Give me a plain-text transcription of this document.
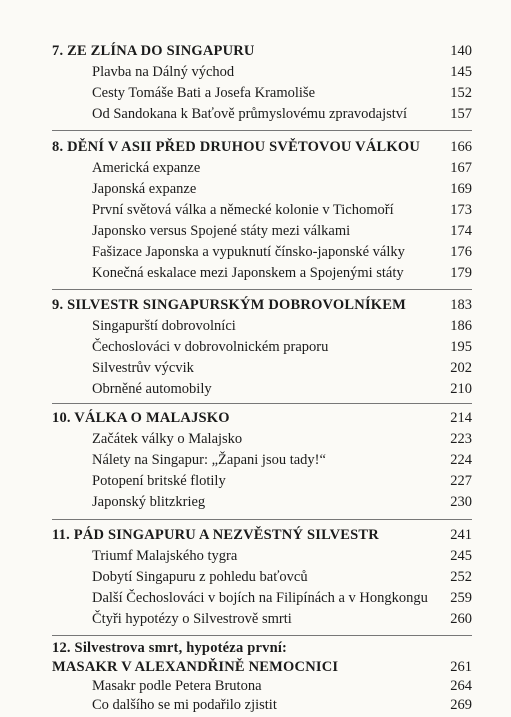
7. ZE ZLÍNA DO SINGAPURU	140
Plavba na Dálný východ	145
Cesty Tomáše Bati a Josefa Kramoliše	152
Od Sandokana k Baťově průmyslovému zpravodajství	157
8. DĚNÍ V ASII PŘED DRUHOU SVĚTOVOU VÁLKOU	166
Americká expanze	167
Japonská expanze	169
První světová válka a německé kolonie v Tichomoří	173
Japonsko versus Spojené státy mezi válkami	174
Fašizace Japonska a vypuknutí čínsko-japonské války	176
Konečná eskalace mezi Japonskem a Spojenými státy	179
9. SILVESTR SINGAPURSKÝM DOBROVOLNÍKEM	183
Singapurští dobrovolníci	186
Čechoslováci v dobrovolnickém praporu	195
Silvestrův výcvik	202
Obrněné automobily	210
10. VÁLKA O MALAJSKO	214
Začátek války o Malajsko	223
Nálety na Singapur: „Žapani jsou tady!“	224
Potopení britské flotily	227
Japonský blitzkrieg	230
11. PÁD SINGAPURU A NEZVĚSTNÝ SILVESTR	241
Triumf Malajského tygra	245
Dobytí Singapuru z pohledu baťovců	252
Další Čechoslováci v bojích na Filipínách a v Hongkongu	259
Čtyři hypotézy o Silvestrově smrti	260
12. Silvestrova smrt, hypotéza první:
MASAKR V ALEXANDŘINĚ NEMOCNICI	261
Masakr podle Petera Brutona	264
Co dalšího se mi podařilo zjistit	269
